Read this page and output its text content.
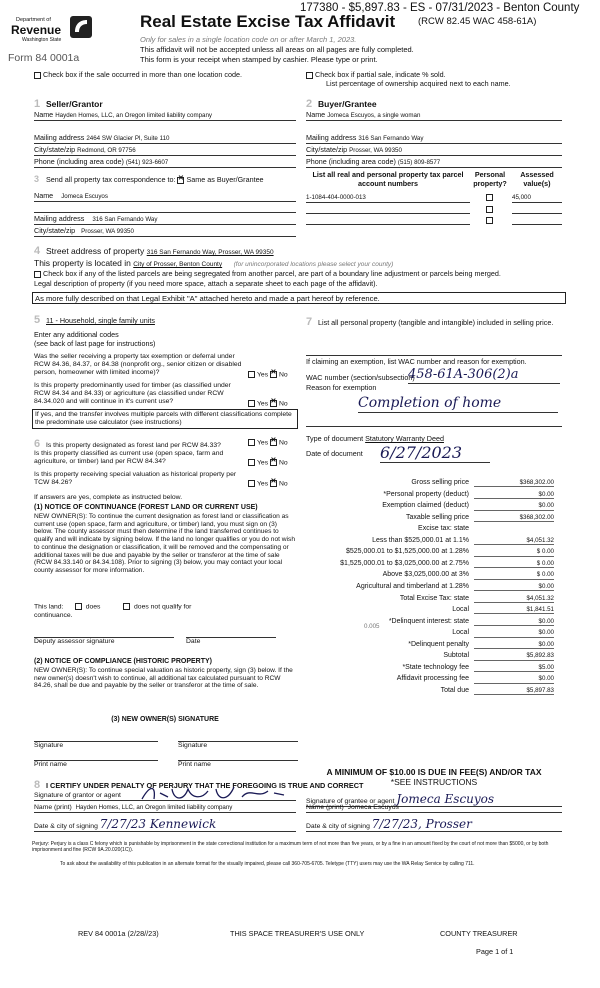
177380 - $5,897.83 - ES - 07/31/2023 - Benton County
Department of
Revenue
Washington State
Form 84 0001a
Real Estate Excise Tax Affidavit (RCW 82.45 WAC 458-61A)
Only for sales in a single location code on or after March 1, 2023.
This affidavit will not be accepted unless all areas on all pages are fully completed.
This form is your receipt when stamped by cashier. Please type or print.
Check box if the sale occurred in more than one location code.	Check box if partial sale, indicate % sold.
List percentage of ownership acquired next to each name.
1 Seller/Grantor
Name Hayden Homes, LLC, an Oregon limited liability company
Mailing address 2464 SW Glacier Pl, Suite 110
City/state/zip Redmond, OR 97756
Phone (including area code) (541) 923-6607
2 Buyer/Grantee
Name Jomeca Escuyos, a single woman
Mailing address 316 San Fernando Way
City/state/zip Prosser, WA 99350
Phone (including area code) (515) 809-8577
3 Send all property tax correspondence to: ✕ Same as Buyer/Grantee
Name Jomeca Escuyos
Mailing address 316 San Fernando Way
City/state/zip Prosser, WA 99350
List all real and personal property tax parcel account numbers
Personal property?
Assessed value(s)
1-1084-404-0000-013	45,000
4 Street address of property 316 San Fernando Way, Prosser, WA 99350
This property is located in City of Prosser, Benton County (for unincorporated locations please select your county)
Check box if any of the listed parcels are being segregated from another parcel, are part of a boundary line adjustment or parcels being merged.
Legal description of property (if you need more space, attach a separate sheet to each page of the affidavit).
As more fully described on that Legal Exhibit "A" attached hereto and made a part hereof by reference.
5 11 - Household, single family units
Enter any additional codes
(see back of last page for instructions)
Was the seller receiving a property tax exemption or deferral under RCW 84.36, 84.37, or 84.38 (nonprofit org., senior citizen or disabled person, homeowner with limited income)?	Yes ✕ No
Is this property predominantly used for timber (as classified under RCW 84.34 and 84.33) or agriculture (as classified under RCW 84.34.020 and will continue in it's current use?	Yes ✕ No
If yes, and the transfer involves multiple parcels with different classifications complete the predominate use calculator (see instructions)
7 List all personal property (tangible and intangible) included in selling price.
If claiming an exemption, list WAC number and reason for exemption.
WAC number (section/subsection)
458-61A-306(2)a
Reason for exemption
Completion of home
6 Is this property designated as forest land per RCW 84.33?	Yes ✕ No
Is this property classified as current use (open space, farm and agriculture, or timber) land per RCW 84.34?	Yes ✕ No
Is this property receiving special valuation as historical property per TCW 84.26?	Yes ✕ No
If answers are yes, complete as instructed below.
(1) NOTICE OF CONTINUANCE (FOREST LAND OR CURRENT USE)
NEW OWNER(S): To continue the current designation as forest land or classification as current use (open space, farm and agriculture, or timber) land, you must sign on (3) below. The county assessor must then determine if the land transferred continues to qualify and will indicate by signing below. If the land no longer qualifies or you do not wish to continue the designation or classification, it will be removed and the compensating or additional taxes will be due and payable by the seller or transferor at the time of sale (RCW 84.33.140 or 84.34.108). Prior to signing (3) below, you may contact your local county assessor for more information.
This land:	does	does not qualify for
continuance.
Deputy assessor signature	Date
(2) NOTICE OF COMPLIANCE (HISTORIC PROPERTY)
NEW OWNER(S): To continue special valuation as historic property, sign (3) below. If the new owner(s) doesn't wish to continue, all additional tax calculated pursuant to RCW 84.26, shall be due and payable by the seller or transferor at the time of sale.
(3) NEW OWNER(S) SIGNATURE
Signature	Signature
Print name	Print name
Type of document Statutory Warranty Deed
Date of document 6/27/2023
Gross selling price	$368,302.00
*Personal property (deduct)	$0.00
Exemption claimed (deduct)	$0.00
Taxable selling price	$368,302.00
Excise tax: state
Less than $525,000.01 at 1.1%	$4,051.32
$525,000.01 to $1,525,000.00 at 1.28%	$ 0.00
$1,525,000.01 to $3,025,000.00 at 2.75%	$ 0.00
Above $3,025,000.00 at 3%	$ 0.00
Agricultural and timberland at 1.28%	$0.00
Total Excise Tax: state	$4,051.32
Local	$1,841.51
*Delinquent interest: state	$0.00
Local	$0.00
*Delinquent penalty	$0.00
Subtotal	$5,892.83
*State technology fee	$5.00
Affidavit processing fee	$0.00
Total due	$5,897.83
0.005
A MINIMUM OF $10.00 IS DUE IN FEE(S) AND/OR TAX
*SEE INSTRUCTIONS
8 I CERTIFY UNDER PENALTY OF PERJURY THAT THE FOREGOING IS TRUE AND CORRECT
Signature of grantor or agent
Name (print) Hayden Homes, LLC, an Oregon limited liability company
Date & city of signing 7/27/23 Kennewick
Signature of grantee or agent Jomeca Escuyos
Name (print) Jomeca Escuyos
Date & city of signing 7/27/23, Prosser
Perjury: Perjury is a class C felony which is punishable by imprisonment in the state correctional institution for a maximum term of not more than five years, or by a fine in an amount fixed by the court of not more than $5000, or by both imprisonment and fine (RCW 9A.20.020(1C)).
To ask about the availability of this publication in an alternate format for the visually impaired, please call 360-705-6705. Teletype (TTY) users may use the WA Relay Service by calling 711.
REV 84 0001a (2/28//23)	THIS SPACE TREASURER'S USE ONLY	COUNTY TREASURER
Page 1 of 1
